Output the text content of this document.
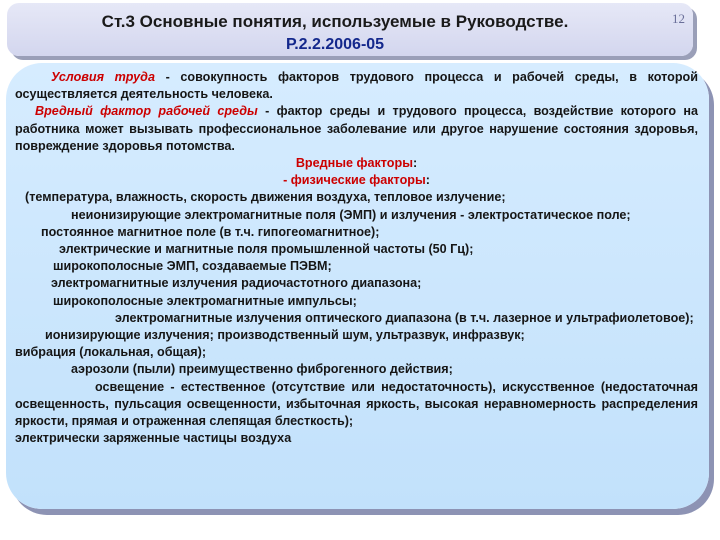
Ст.3 Основные понятия, используемые в Руководстве.
Р.2.2.2006-05
12

Условия труда - совокупность факторов трудового процесса и рабочей среды, в которой осуществляется деятельность человека.

Вредный фактор рабочей среды - фактор среды и трудового процесса, воздействие которого на работника может вызывать профессиональное заболевание или другое нарушение состояния здоровья, повреждение здоровья потомства.

Вредные факторы:

- физические факторы:

(температура, влажность, скорость движения воздуха, тепловое излучение;

неионизирующие электромагнитные поля (ЭМП) и излучения - электростатическое поле;

постоянное магнитное поле (в т.ч. гипогеомагнитное);

электрические и магнитные поля промышленной частоты (50 Гц);

широкополосные ЭМП, создаваемые ПЭВМ;

электромагнитные излучения радиочастотного диапазона;

широкополосные электромагнитные импульсы;

электромагнитные излучения оптического диапазона (в т.ч. лазерное и ультрафиолетовое);

ионизирующие излучения; производственный шум, ультразвук, инфразвук;

вибрация (локальная, общая);

аэрозоли (пыли) преимущественно фиброгенного действия;

освещение - естественное (отсутствие или недостаточность), искусственное (недостаточная освещенность, пульсация освещенности, избыточная яркость, высокая неравномерность распределения яркости, прямая и отраженная слепящая блесткость);

электрически заряженные частицы воздуха
